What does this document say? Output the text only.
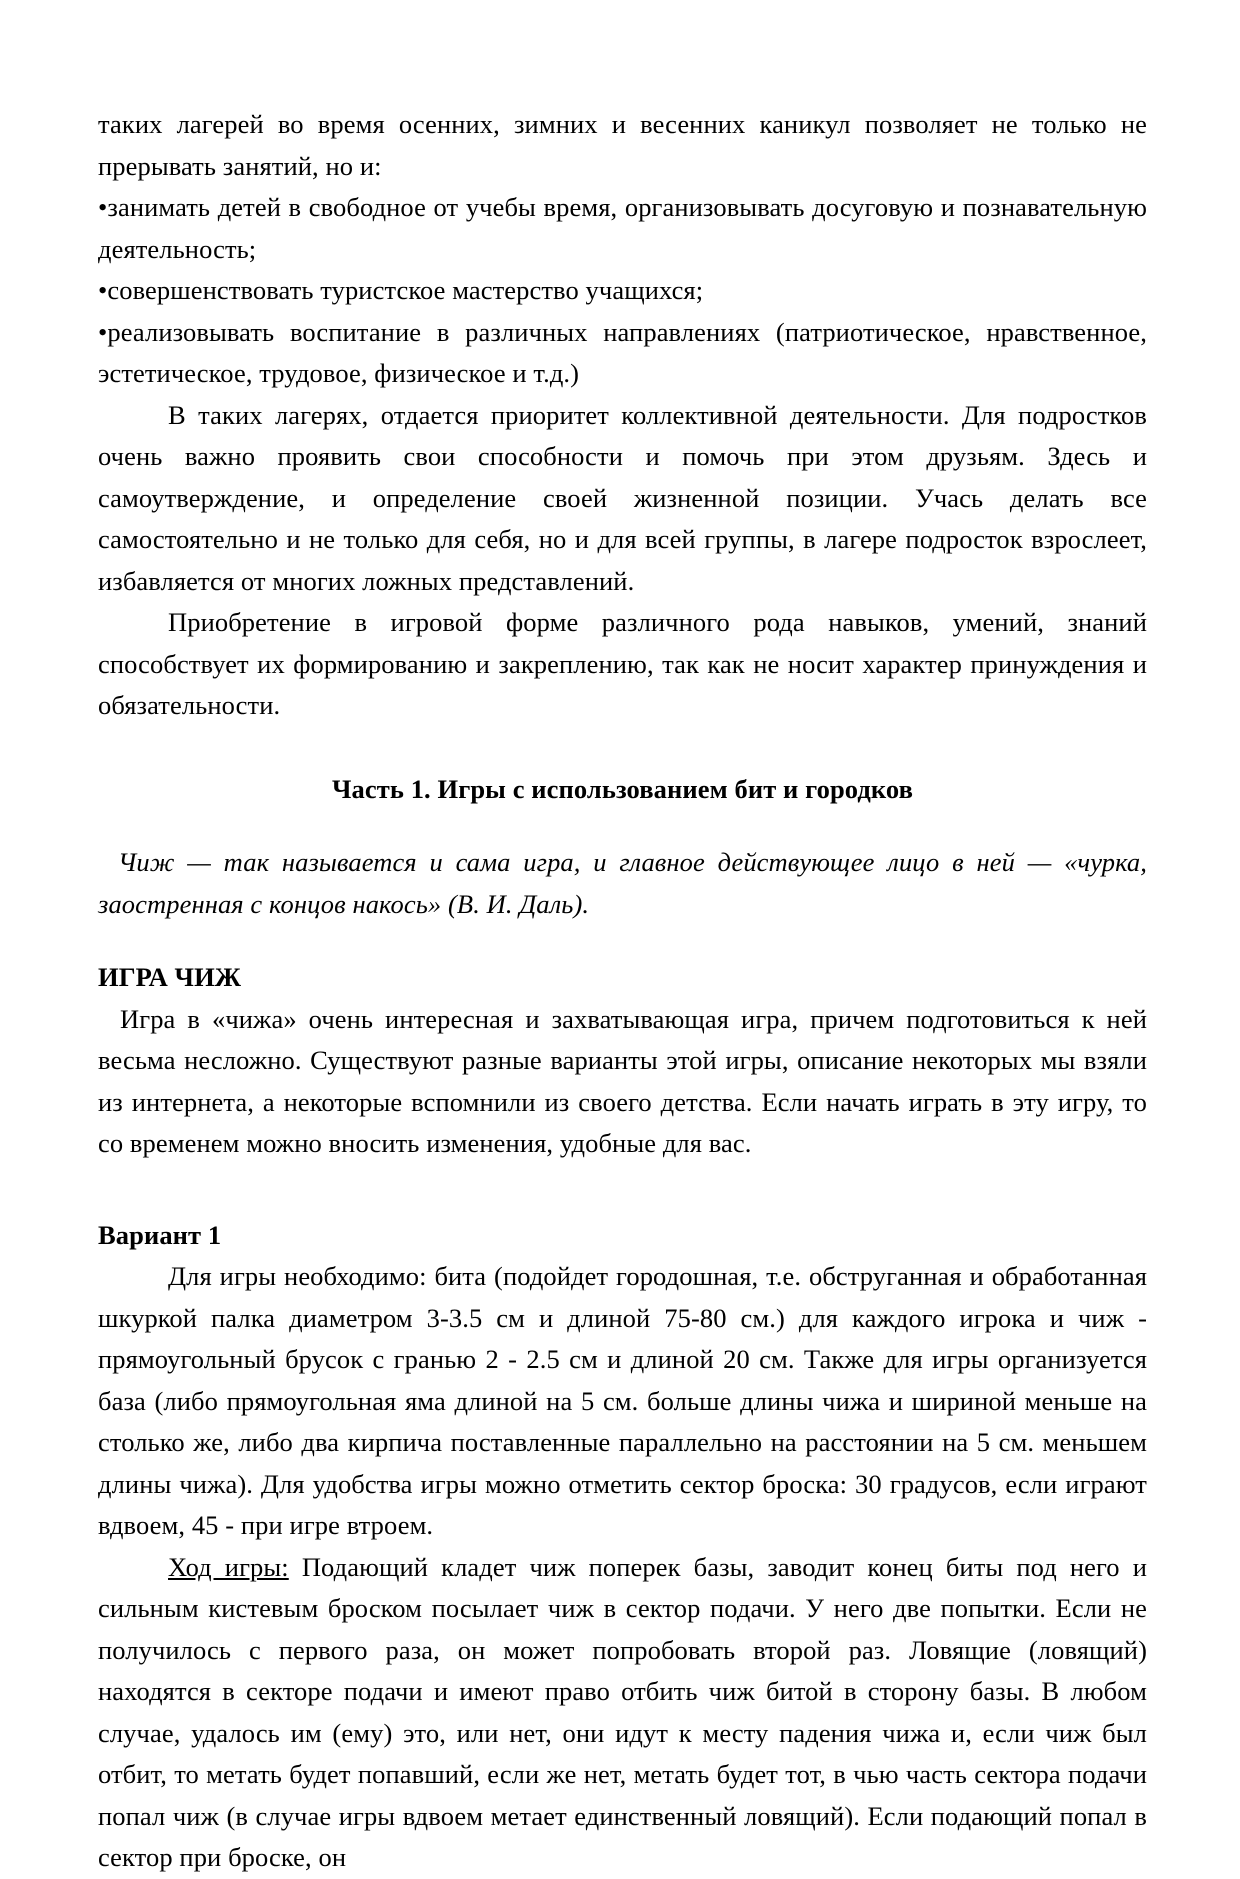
таких лагерей во время осенних, зимних и весенних каникул позволяет не только не прерывать занятий, но и:

•занимать детей в свободное от учебы время, организовывать досуговую и познавательную деятельность;

•совершенствовать туристское мастерство учащихся;

•реализовывать воспитание в различных направлениях (патриотическое, нравственное, эстетическое, трудовое, физическое и т.д.)

В таких лагерях, отдается приоритет коллективной деятельности. Для подростков очень важно проявить свои способности и помочь при этом друзьям. Здесь и самоутверждение, и определение своей жизненной позиции. Учась делать все самостоятельно и не только для себя, но и для всей группы, в лагере подросток взрослеет, избавляется от многих ложных представлений.

Приобретение в игровой форме различного рода навыков, умений, знаний способствует их формированию и закреплению, так как не носит характер принуждения и обязательности.

Часть 1. Игры с использованием бит и городков

Чиж — так называется и сама игра, и главное действующее лицо в ней — «чурка, заостренная с концов накось» (В. И. Даль).

ИГРА ЧИЖ

Игра в «чижа» очень интересная и захватывающая игра, причем подготовиться к ней весьма несложно. Существуют разные варианты этой игры, описание некоторых мы взяли из интернета, а некоторые вспомнили из своего детства. Если начать играть в эту игру, то со временем можно вносить изменения, удобные для вас.

Вариант 1

Для игры необходимо: бита (подойдет городошная, т.е. обструганная и обработанная шкуркой палка диаметром 3-3.5 см и длиной 75-80 см.) для каждого игрока и чиж - прямоугольный брусок с гранью 2 - 2.5 см и длиной 20 см. Также для игры организуется база (либо прямоугольная яма длиной на 5 см. больше длины чижа и шириной меньше на столько же, либо два кирпича поставленные параллельно на расстоянии на 5 см. меньшем длины чижа). Для удобства игры можно отметить сектор броска: 30 градусов, если играют вдвоем, 45 - при игре втроем.

Ход игры: Подающий кладет чиж поперек базы, заводит конец биты под него и сильным кистевым броском посылает чиж в сектор подачи. У него две попытки. Если не получилось с первого раза, он может попробовать второй раз. Ловящие (ловящий) находятся в секторе подачи и имеют право отбить чиж битой в сторону базы. В любом случае, удалось им (ему) это, или нет, они идут к месту падения чижа и, если чиж был отбит, то метать будет попавший, если же нет, метать будет тот, в чью часть сектора подачи попал чиж (в случае игры вдвоем метает единственный ловящий). Если подающий попал в сектор при броске, он
